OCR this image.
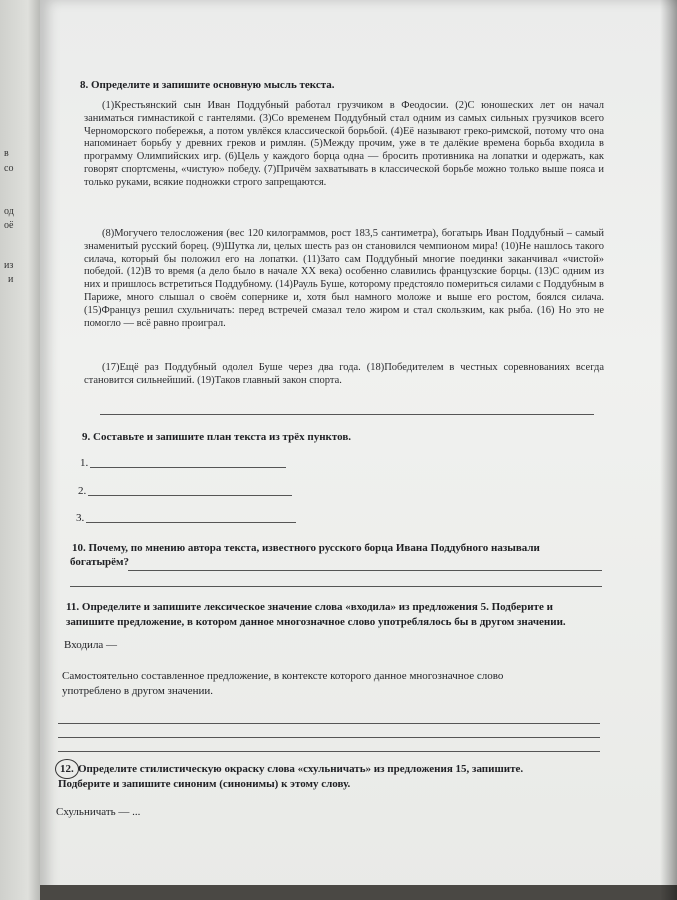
в
со
од
оё
из
и
8. Определите и запишите основную мысль текста.
(1)Крестьянский сын Иван Поддубный работал грузчиком в Феодосии. (2)С юношеских лет он начал заниматься гимнастикой с гантелями. (3)Со временем Поддубный стал одним из самых сильных грузчиков всего Черноморского побережья, а потом увлёкся классической борьбой. (4)Её называют греко-римской, потому что она напоминает борьбу у древних греков и римлян. (5)Между прочим, уже в те далёкие времена борьба входила в программу Олимпийских игр. (6)Цель у каждого борца одна — бросить противника на лопатки и одержать, как говорят спортсмены, «чистую» победу. (7)Причём захватывать в классической борьбе можно только выше пояса и только руками, всякие подножки строго запрещаются.
(8)Могучего телосложения (вес 120 килограммов, рост 183,5 сантиметра), богатырь Иван Поддубный – самый знаменитый русский борец. (9)Шутка ли, целых шесть раз он становился чемпионом мира! (10)Не нашлось такого силача, который бы положил его на лопатки. (11)Зато сам Поддубный многие поединки заканчивал «чистой» победой. (12)В то время (а дело было в начале XX века) особенно славились французские борцы. (13)С одним из них и пришлось встретиться Поддубному. (14)Рауль Буше, которому предстояло помериться силами с Поддубным в Париже, много слышал о своём сопернике и, хотя был намного моложе и выше его ростом, боялся силача. (15)Француз решил схульничать: перед встречей смазал тело жиром и стал скользким, как рыба. (16) Но это не помогло — всё равно проиграл.
(17)Ещё раз Поддубный одолел Буше через два года. (18)Победителем в честных соревнованиях всегда становится сильнейший. (19)Таков главный закон спорта.
9. Составьте и запишите план текста из трёх пунктов.
1.
2.
3.
10. Почему, по мнению автора текста, известного русского борца Ивана Поддубного называли
богатырём?
11. Определите и запишите лексическое значение слова «входила» из предложения 5. Подберите и
запишите предложение, в котором данное многозначное слово употреблялось бы в другом значении.
Входила —
Самостоятельно составленное предложение, в контексте которого данное многозначное слово
употреблено в другом значении.
12. Определите стилистическую окраску слова «схульничать» из предложения 15, запишите.
Подберите и запишите синоним (синонимы) к этому слову.
Схульничать — ...
